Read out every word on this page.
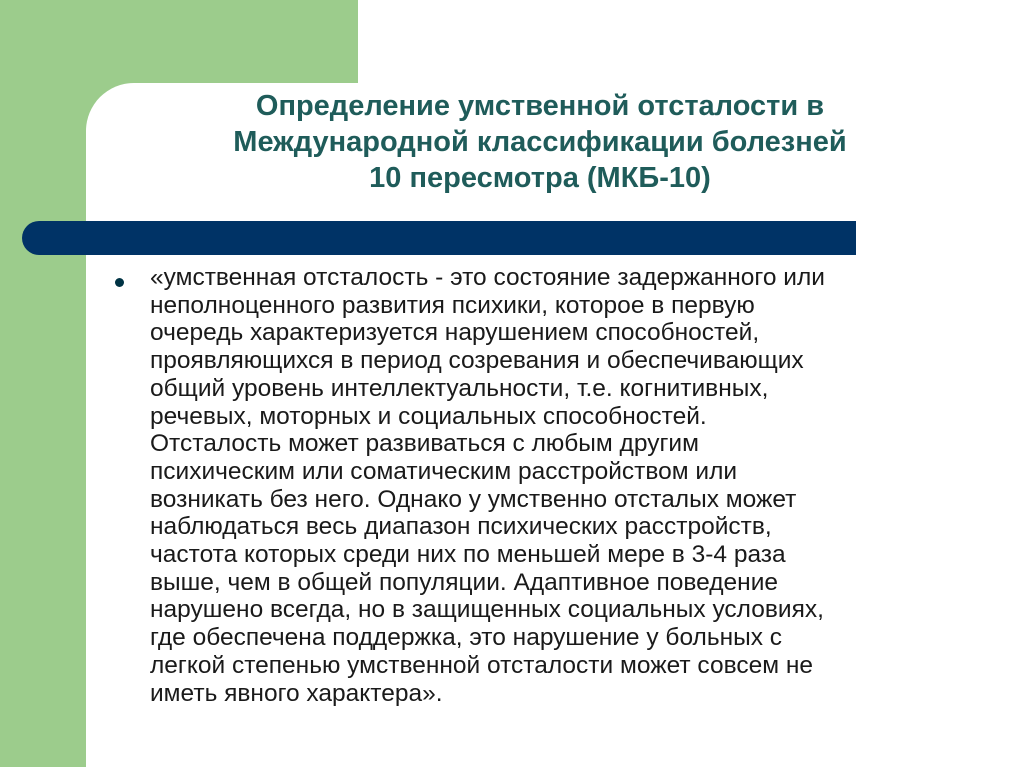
Определение умственной отсталости в
Международной классификации болезней
10 пересмотра (МКБ-10)
«умственная отсталость - это состояние задержанного или
неполноценного развития психики, которое в первую
очередь характеризуется нарушением способностей,
проявляющихся в период созревания и обеспечивающих
общий уровень интеллектуальности, т.е. когнитивных,
речевых, моторных и социальных способностей.
Отсталость может развиваться с любым другим
психическим или соматическим расстройством или
возникать без него. Однако у умственно отсталых может
наблюдаться весь диапазон психических расстройств,
частота которых среди них по меньшей мере в 3-4 раза
выше, чем в общей популяции. Адаптивное поведение
нарушено всегда, но в защищенных социальных условиях,
где обеспечена поддержка, это нарушение у больных с
легкой степенью умственной отсталости может совсем не
иметь явного характера».
